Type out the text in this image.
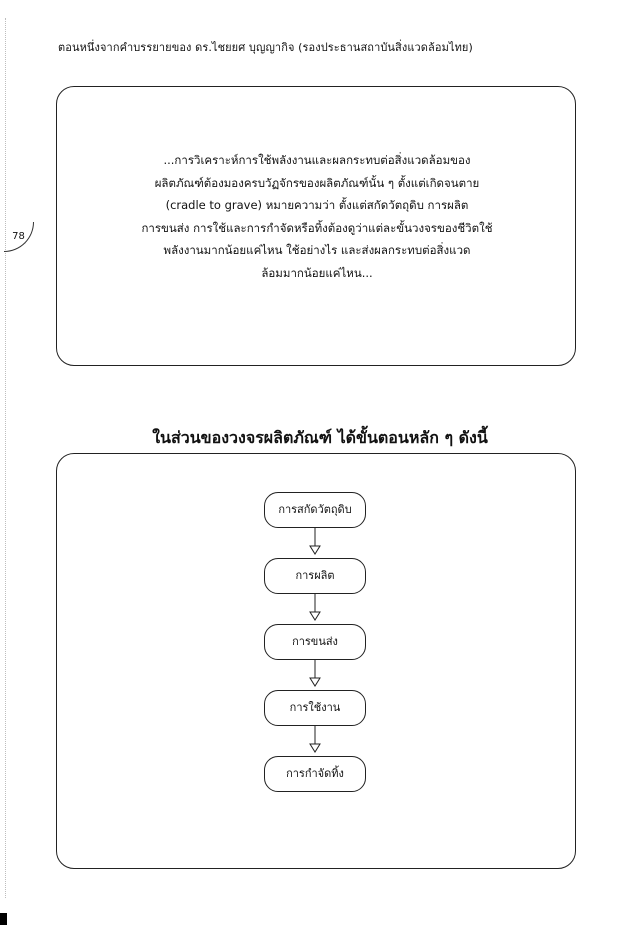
78
ตอนหนึ่งจากคำบรรยายของ ดร.ไชยยศ บุญญากิจ (รองประธานสถาบันสิ่งแวดล้อมไทย)
...การวิเคราะห์การใช้พลังงานและผลกระทบต่อสิ่งแวดล้อมของ
ผลิตภัณฑ์ต้องมองครบวัฏจักรของผลิตภัณฑ์นั้น ๆ ตั้งแต่เกิดจนตาย
(cradle to grave) หมายความว่า ตั้งแต่สกัดวัตถุดิบ การผลิต
การขนส่ง การใช้และการกำจัดหรือทิ้งต้องดูว่าแต่ละขั้นวงจรของชีวิตใช้
พลังงานมากน้อยแค่ไหน ใช้อย่างไร และส่งผลกระทบต่อสิ่งแวด
ล้อมมากน้อยแค่ไหน...
ในส่วนของวงจรผลิตภัณฑ์ ได้ขั้นตอนหลัก ๆ ดังนี้
การสกัดวัตถุดิบ
การผลิต
การขนส่ง
การใช้งาน
การกำจัดทิ้ง
